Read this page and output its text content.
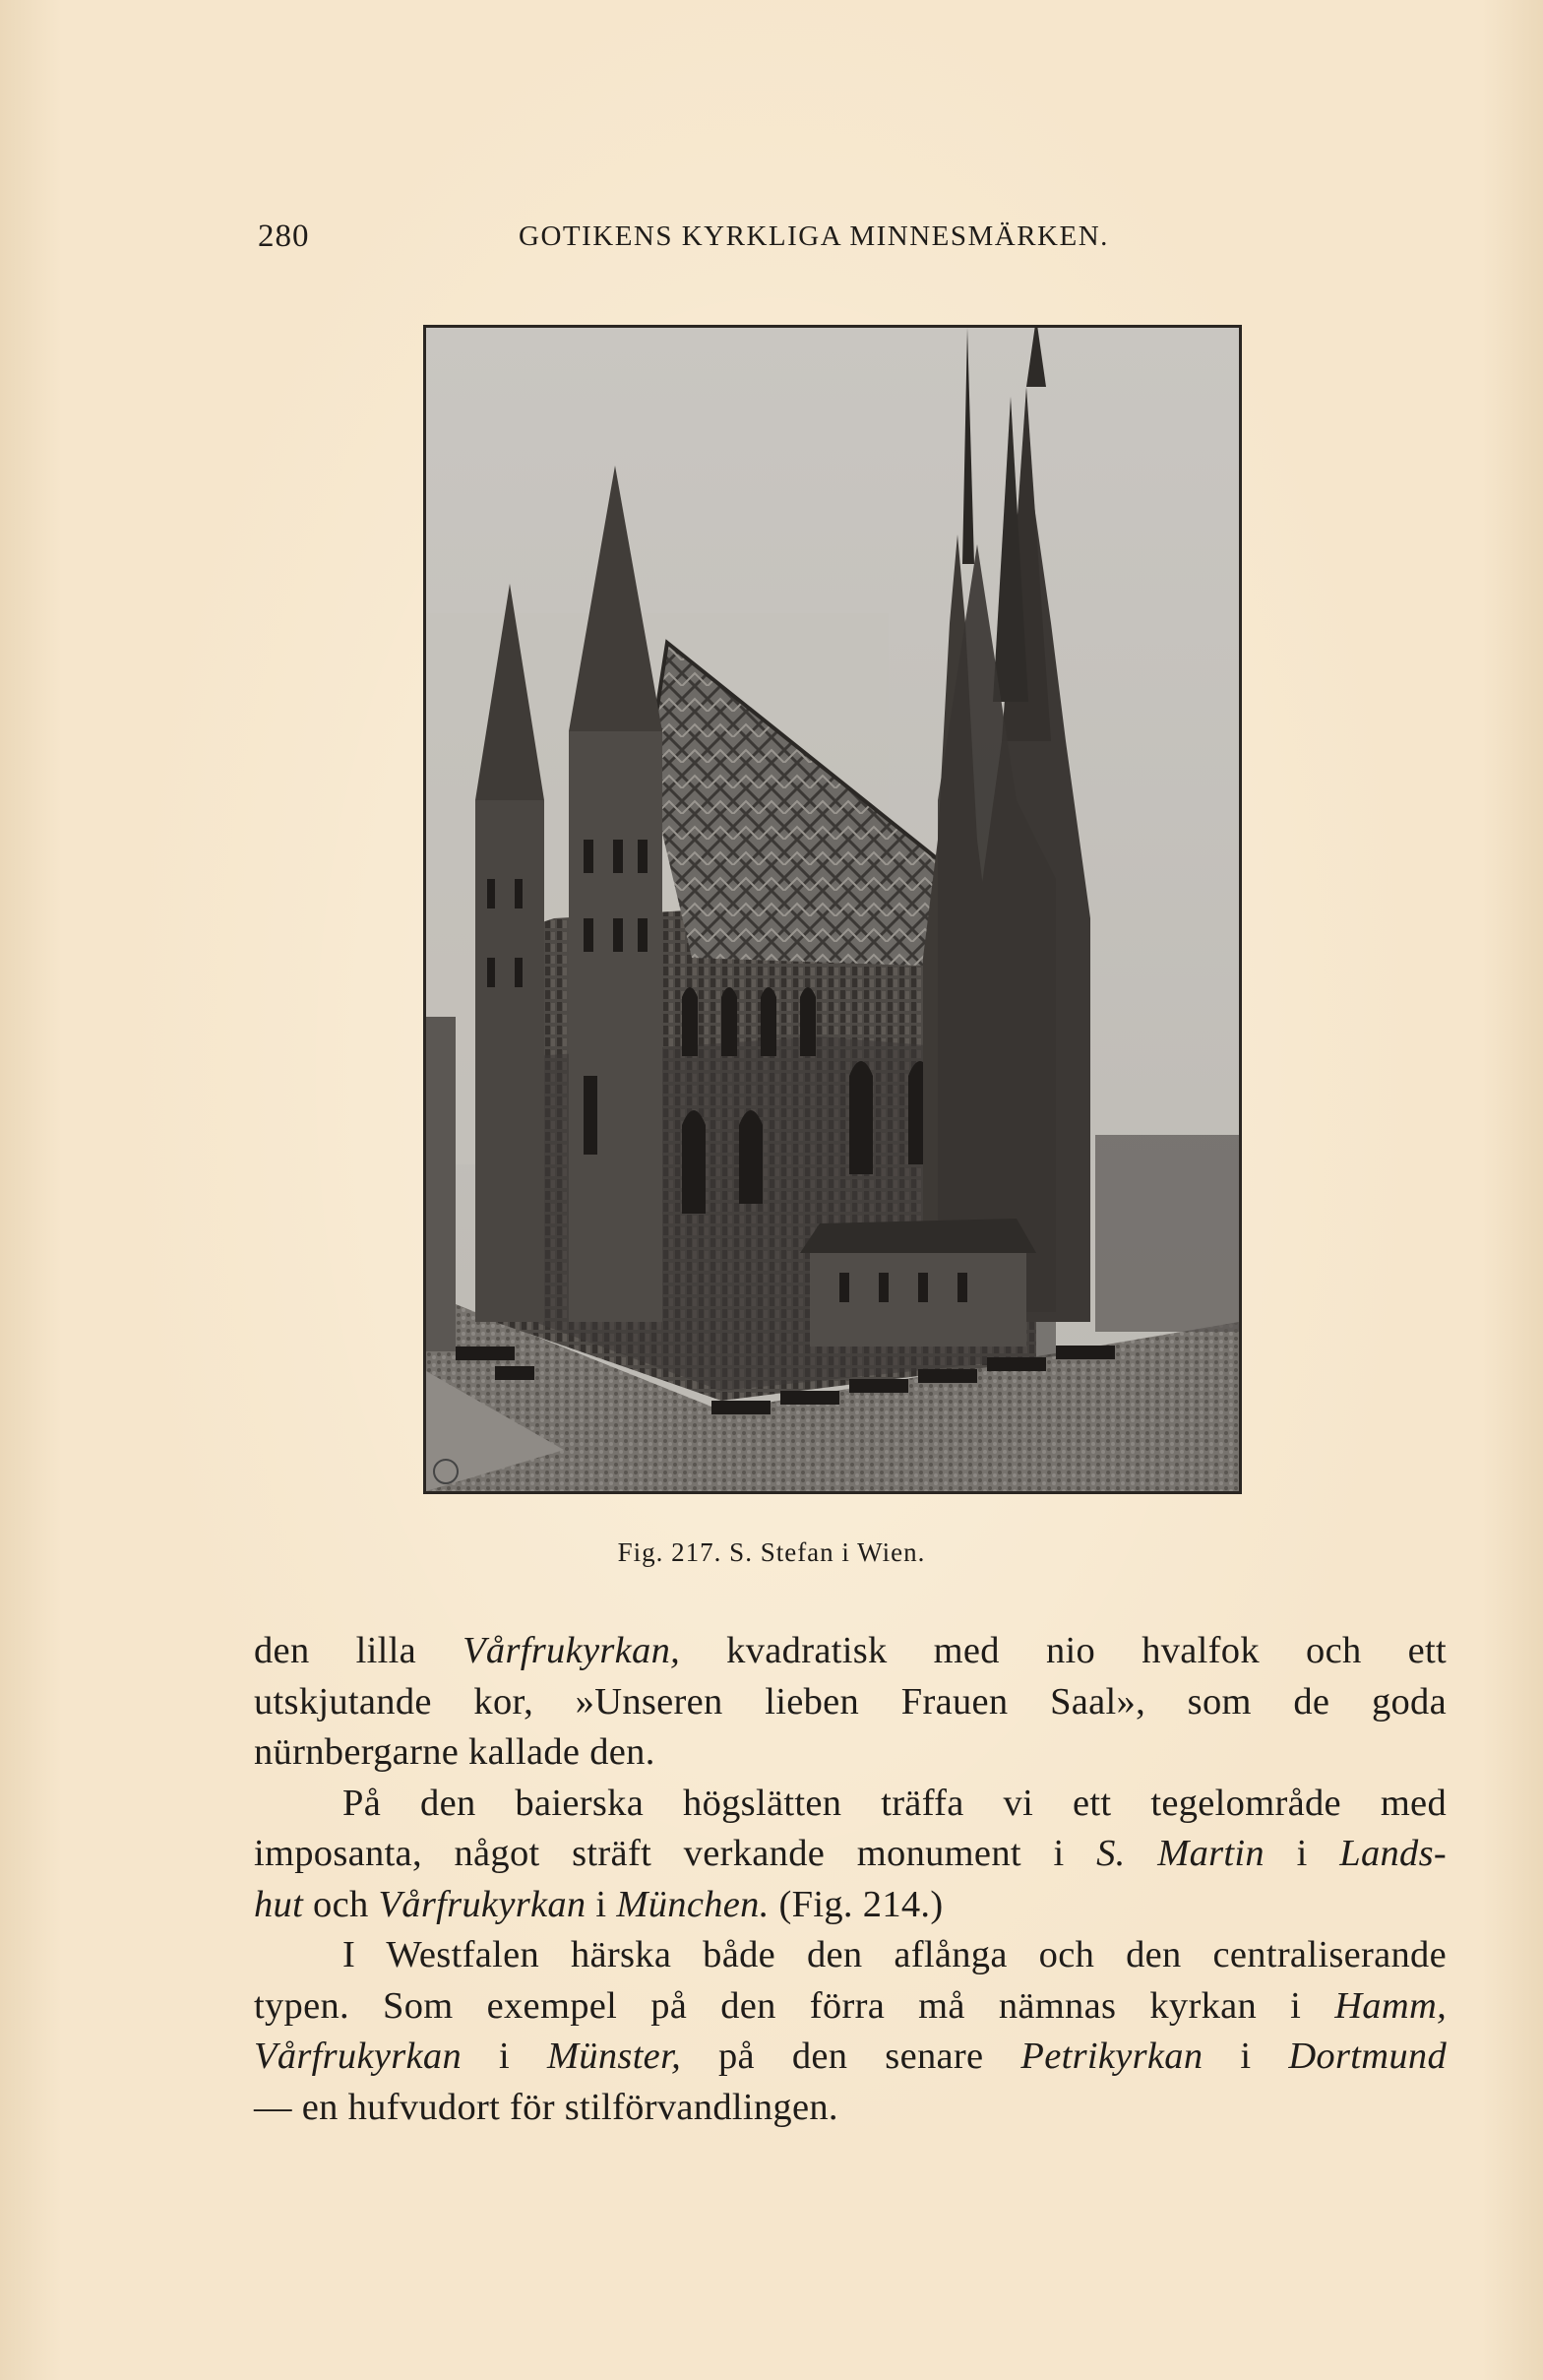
280	GOTIKENS KYRKLIGA MINNESMÄRKEN.
Fig. 217. S. Stefan i Wien.
den lilla Vårfrukyrkan, kvadratisk med nio hvalfok och ett
utskjutande kor, »Unseren lieben Frauen Saal», som de goda
nürnbergarne kallade den.
På den baierska högslätten träffa vi ett tegelområde med
imposanta, något sträft verkande monument i S. Martin i Lands-
hut och Vårfrukyrkan i München. (Fig. 214.)
I Westfalen härska både den aflånga och den centraliserande
typen. Som exempel på den förra må nämnas kyrkan i Hamm,
Vårfrukyrkan i Münster, på den senare Petrikyrkan i Dortmund
— en hufvudort för stilförvandlingen.
